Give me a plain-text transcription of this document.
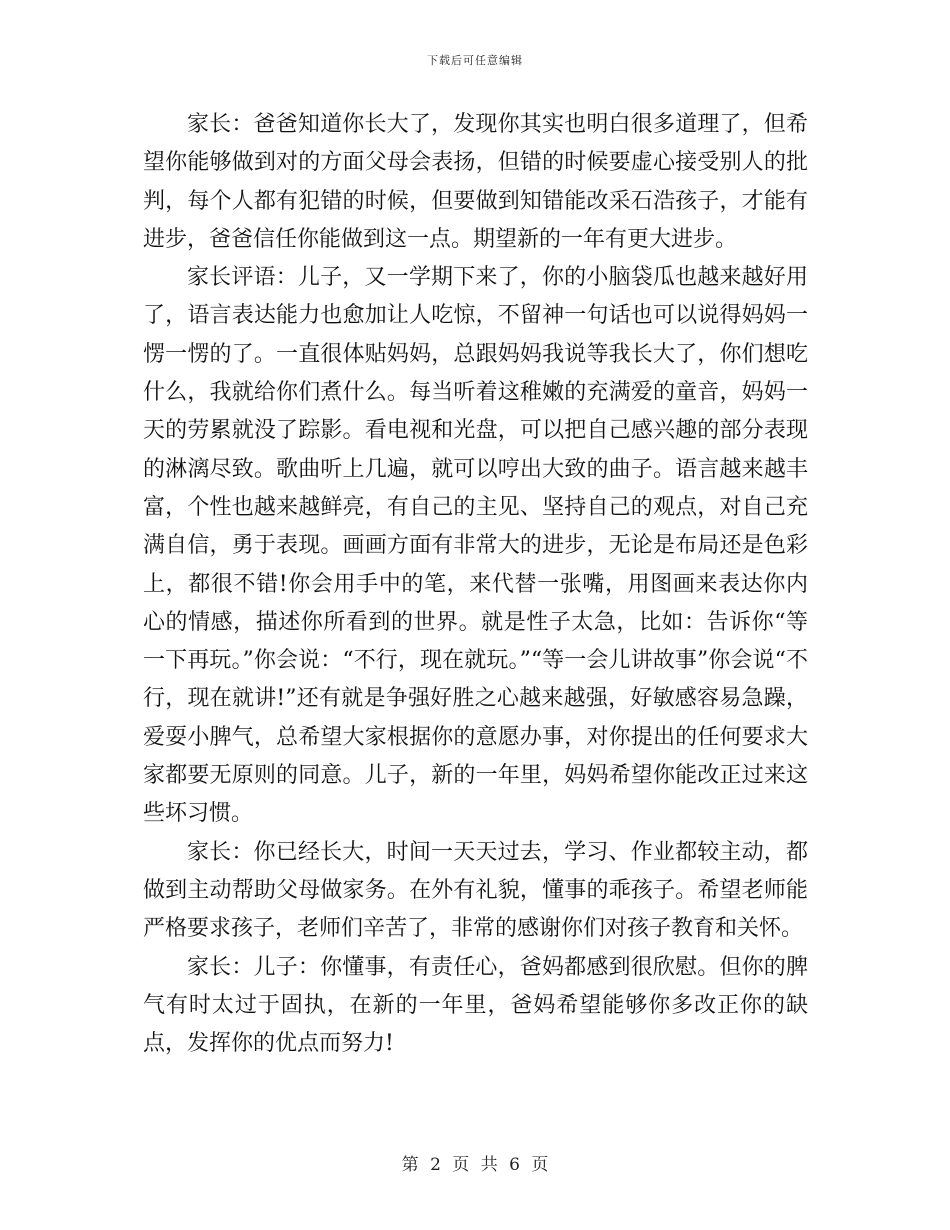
下载后可任意编辑

家长：爸爸知道你长大了，发现你其实也明白很多道理了，但希望你能够做到对的方面父母会表扬，但错的时候要虚心接受别人的批判，每个人都有犯错的时候，但要做到知错能改采石浩孩子，才能有进步，爸爸信任你能做到这一点。期望新的一年有更大进步。

家长评语：儿子，又一学期下来了，你的小脑袋瓜也越来越好用了，语言表达能力也愈加让人吃惊，不留神一句话也可以说得妈妈一愣一愣的了。一直很体贴妈妈，总跟妈妈我说等我长大了，你们想吃什么，我就给你们煮什么。每当听着这稚嫩的充满爱的童音，妈妈一天的劳累就没了踪影。看电视和光盘，可以把自己感兴趣的部分表现的淋漓尽致。歌曲听上几遍，就可以哼出大致的曲子。语言越来越丰富，个性也越来越鲜亮，有自己的主见、坚持自己的观点，对自己充满自信，勇于表现。画画方面有非常大的进步，无论是布局还是色彩上，都很不错!你会用手中的笔，来代替一张嘴，用图画来表达你内心的情感，描述你所看到的世界。就是性子太急，比如：告诉你“等一下再玩。”你会说：“不行，现在就玩。”“等一会儿讲故事”你会说“不行，现在就讲!”还有就是争强好胜之心越来越强，好敏感容易急躁，爱耍小脾气，总希望大家根据你的意愿办事，对你提出的任何要求大家都要无原则的同意。儿子，新的一年里，妈妈希望你能改正过来这些坏习惯。

家长：你已经长大，时间一天天过去，学习、作业都较主动，都做到主动帮助父母做家务。在外有礼貌，懂事的乖孩子。希望老师能严格要求孩子，老师们辛苦了，非常的感谢你们对孩子教育和关怀。

家长：儿子：你懂事，有责任心，爸妈都感到很欣慰。但你的脾气有时太过于固执，在新的一年里，爸妈希望能够你多改正你的缺点，发挥你的优点而努力!

第 2 页 共 6 页
